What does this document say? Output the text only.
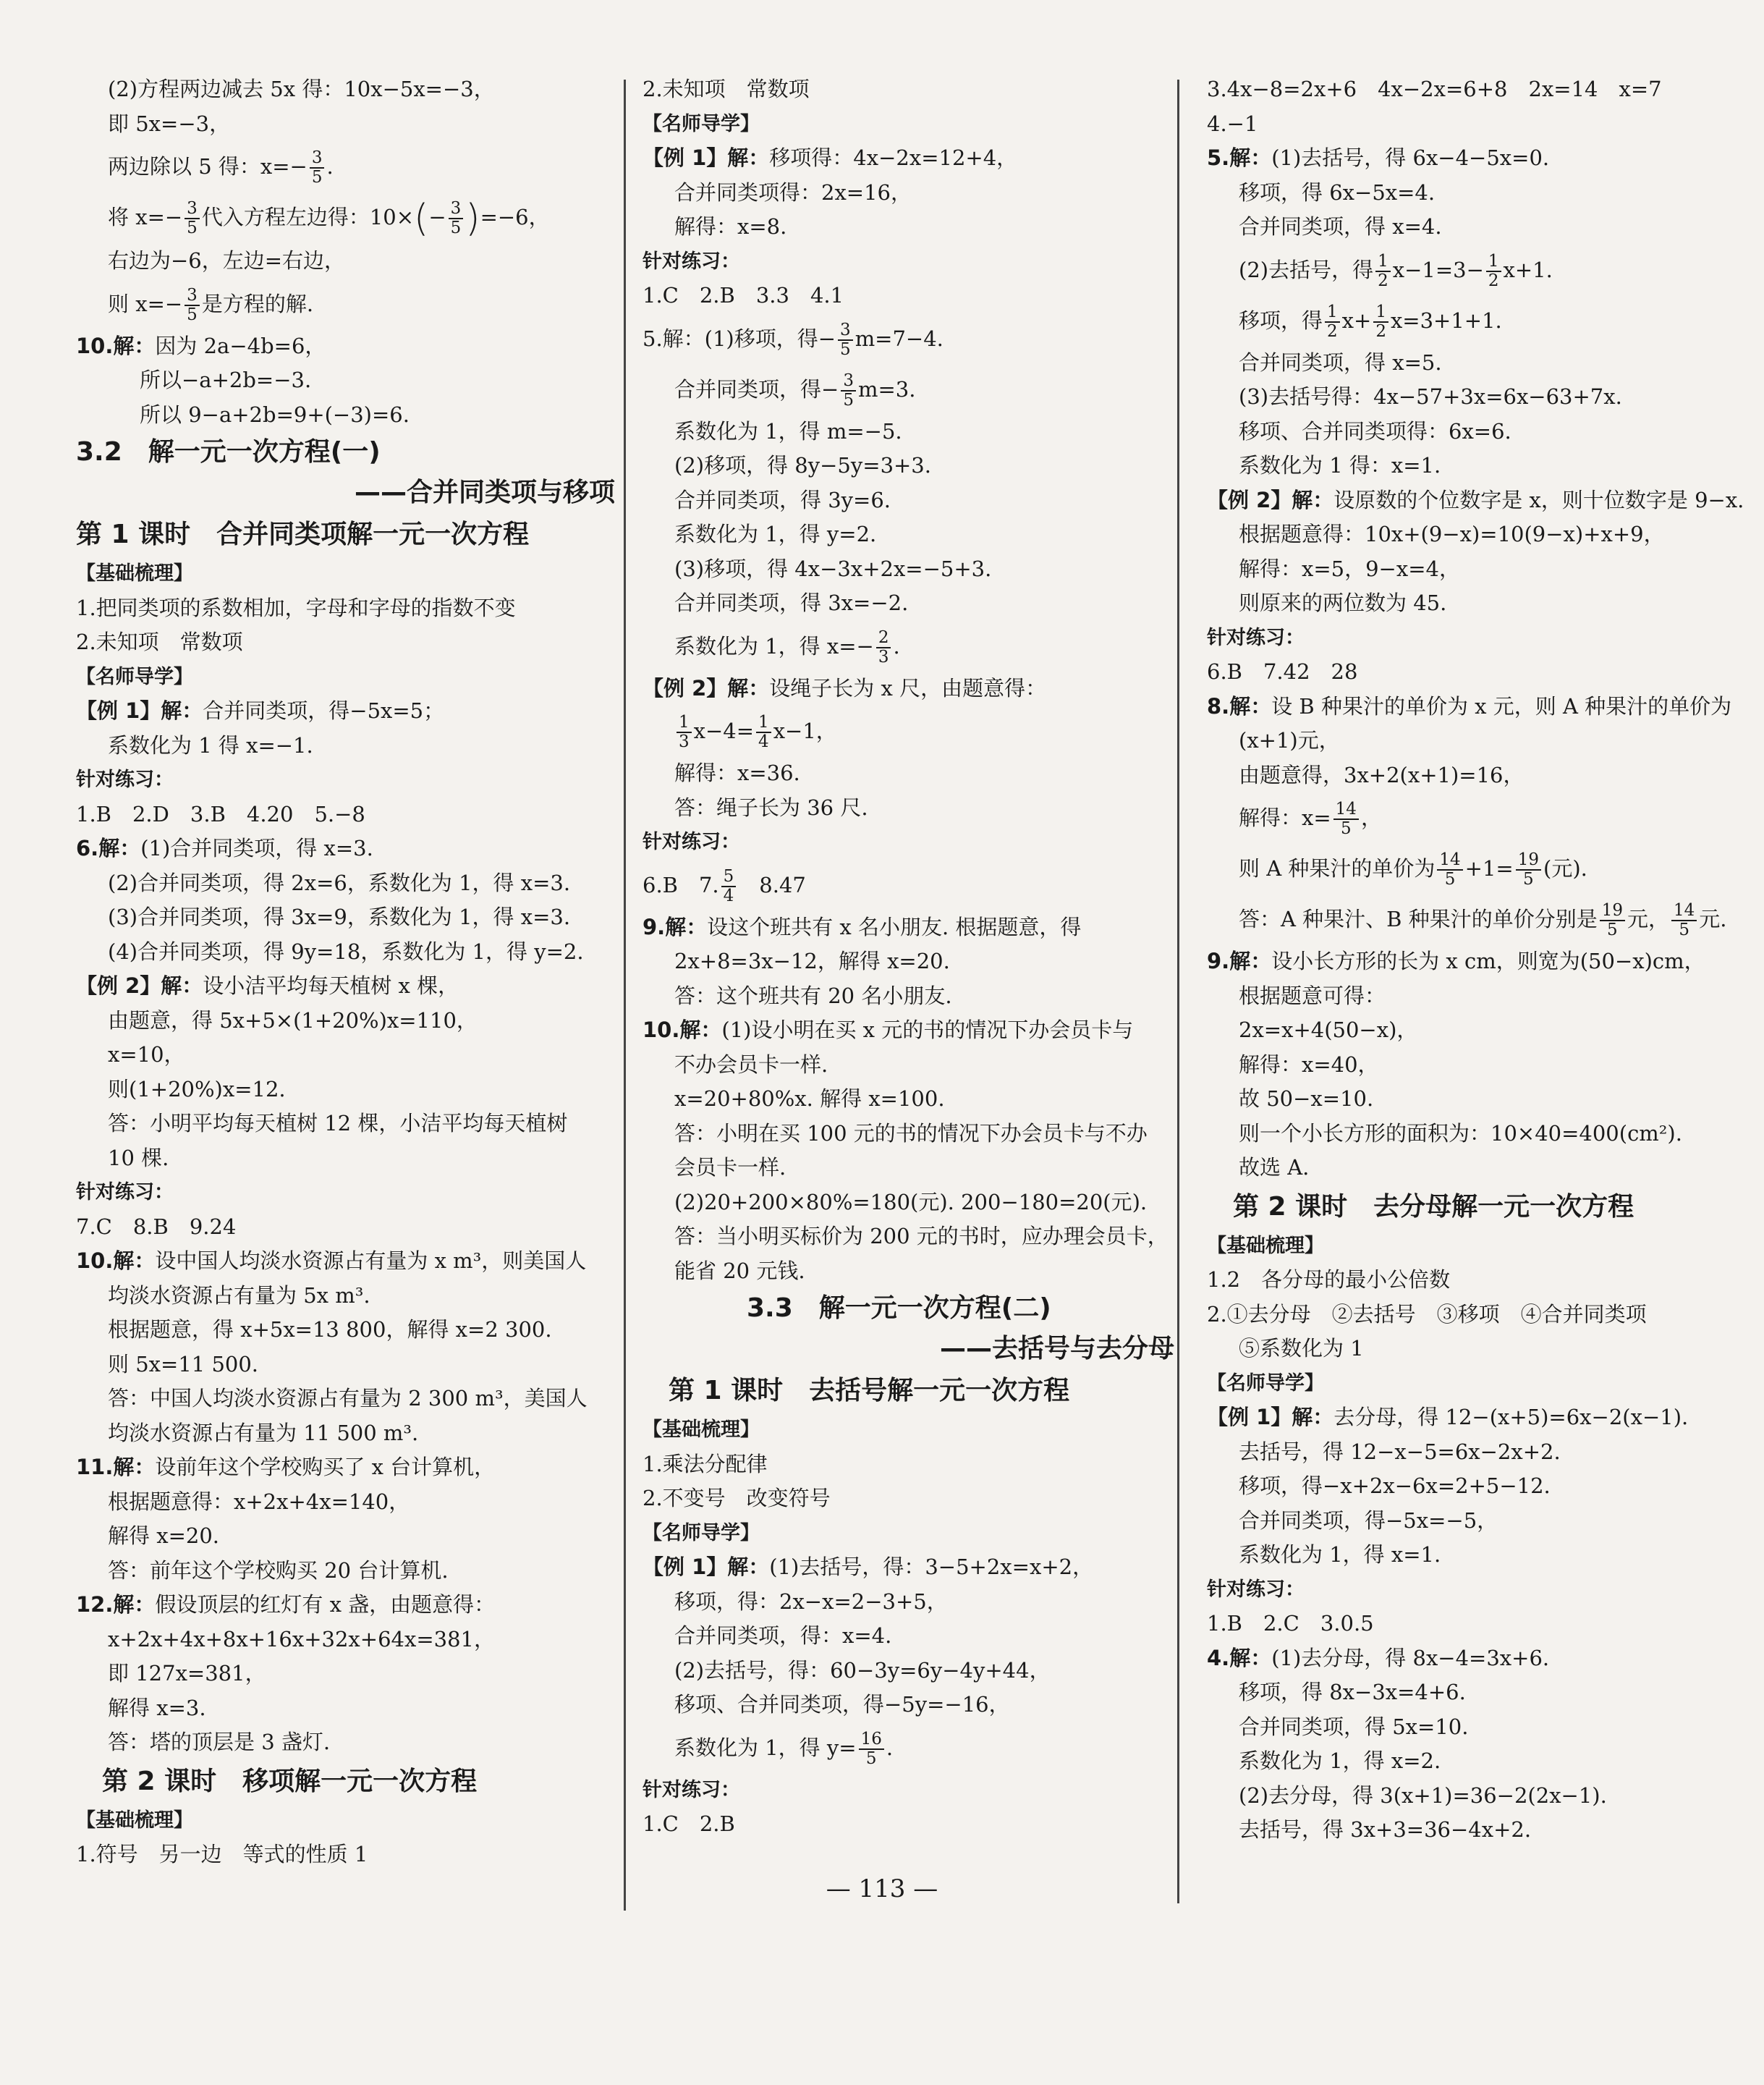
(2)方程两边减去 5x 得：10x−5x=−3，
即 5x=−3，
两边除以 5 得：$x=- \frac{3}{5}$ .
将 $x=- \frac{3}{5}$ 代入方程左边得：$10\times(- \frac{3}{5} )=-6$，
右边为−6，左边=右边，
则 $x=- \frac{3}{5}$ 是方程的解.
10.解：因为 2a−4b=6，
所以−a+2b=−3.
所以 9−a+2b=9+(−3)=6.
3.2　解一元一次方程(一)
——合并同类项与移项
第 1 课时　合并同类项解一元一次方程
【基础梳理】
1.把同类项的系数相加，字母和字母的指数不变
2.未知项　常数项
【名师导学】
【例 1】解：合并同类项，得−5x=5；
系数化为 1 得 x=−1.
针对练习：
1.B　2.D　3.B　4.20　5.−8
6.解：(1)合并同类项，得 x=3.
(2)合并同类项，得 2x=6，系数化为 1，得 x=3.
(3)合并同类项，得 3x=9，系数化为 1，得 x=3.
(4)合并同类项，得 9y=18，系数化为 1，得 y=2.
【例 2】解：设小洁平均每天植树 x 棵，
由题意，得 5x+5×(1+20%)x=110，
x=10，
则(1+20%)x=12.
答：小明平均每天植树 12 棵，小洁平均每天植树
10 棵.
针对练习：
7.C　8.B　9.24
10.解：设中国人均淡水资源占有量为 x m³，则美国人
均淡水资源占有量为 5x m³.
根据题意，得 x+5x=13 800，解得 x=2 300.
则 5x=11 500.
答：中国人均淡水资源占有量为 2 300 m³，美国人
均淡水资源占有量为 11 500 m³.
11.解：设前年这个学校购买了 x 台计算机，
根据题意得：x+2x+4x=140，
解得 x=20.
答：前年这个学校购买 20 台计算机.
12.解：假设顶层的红灯有 x 盏，由题意得：
x+2x+4x+8x+16x+32x+64x=381，
即 127x=381，
解得 x=3.
答：塔的顶层是 3 盏灯.
　第 2 课时　移项解一元一次方程
【基础梳理】
1.符号　另一边　等式的性质 1
2.未知项　常数项
【名师导学】
【例 1】解：移项得：4x−2x=12+4，
合并同类项得：2x=16，
解得：x=8.
针对练习：
1.C　2.B　3.3　4.1
5.解：(1)移项，得− $\frac{3}{5} m=7-4$.
合并同类项，得− $\frac{3}{5} m=3$.
系数化为 1，得 m=−5.
(2)移项，得 8y−5y=3+3.
合并同类项，得 3y=6.
系数化为 1，得 y=2.
(3)移项，得 4x−3x+2x=−5+3.
合并同类项，得 3x=−2.
系数化为 1，得 $x=- \frac{2}{3}$ .
【例 2】解：设绳子长为 x 尺，由题意得：
$\frac{1}{3} x-4= \frac{1}{4} x-1$，
解得：x=36.
答：绳子长为 36 尺.
针对练习：
6.B　7. $\frac{5}{4}$ 　8.47
9.解：设这个班共有 x 名小朋友. 根据题意，得
2x+8=3x−12，解得 x=20.
答：这个班共有 20 名小朋友.
10.解：(1)设小明在买 x 元的书的情况下办会员卡与
不办会员卡一样.
x=20+80%x. 解得 x=100.
答：小明在买 100 元的书的情况下办会员卡与不办
会员卡一样.
(2)20+200×80%=180(元). 200−180=20(元).
答：当小明买标价为 200 元的书时，应办理会员卡，
能省 20 元钱.
　　　　3.3　解一元一次方程(二)
——去括号与去分母
　第 1 课时　去括号解一元一次方程
【基础梳理】
1.乘法分配律
2.不变号　改变符号
【名师导学】
【例 1】解：(1)去括号，得：3−5+2x=x+2，
移项，得：2x−x=2−3+5，
合并同类项，得：x=4.
(2)去括号，得：60−3y=6y−4y+44，
移项、合并同类项，得−5y=−16，
系数化为 1，得 $y= \frac{16}{5}$ .
针对练习：
1.C　2.B
3.4x−8=2x+6　4x−2x=6+8　2x=14　x=7
4.−1
5.解：(1)去括号，得 6x−4−5x=0.
移项，得 6x−5x=4.
合并同类项，得 x=4.
(2)去括号，得 $\frac{1}{2} x-1=3- \frac{1}{2} x+1$.
移项，得 $\frac{1}{2} x+ \frac{1}{2} x=3+1+1$.
合并同类项，得 x=5.
(3)去括号得：4x−57+3x=6x−63+7x.
移项、合并同类项得：6x=6.
系数化为 1 得：x=1.
【例 2】解：设原数的个位数字是 x，则十位数字是 9−x.
根据题意得：10x+(9−x)=10(9−x)+x+9，
解得：x=5，9−x=4，
则原来的两位数为 45.
针对练习：
6.B　7.42　28
8.解：设 B 种果汁的单价为 x 元，则 A 种果汁的单价为
(x+1)元，
由题意得，3x+2(x+1)=16，
解得：$x= \frac{14}{5}$ ，
则 A 种果汁的单价为 $\frac{14}{5} +1= \frac{19}{5}$ (元).
答：A 种果汁、B 种果汁的单价分别是 $\frac{19}{5}$ 元， $\frac{14}{5}$ 元.
9.解：设小长方形的长为 x cm，则宽为(50−x)cm，
根据题意可得：
2x=x+4(50−x)，
解得：x=40，
故 50−x=10.
则一个小长方形的面积为：10×40=400(cm²).
故选 A.
　第 2 课时　去分母解一元一次方程
【基础梳理】
1.2　各分母的最小公倍数
2.①去分母　②去括号　③移项　④合并同类项
⑤系数化为 1
【名师导学】
【例 1】解：去分母，得 12−(x+5)=6x−2(x−1).
去括号，得 12−x−5=6x−2x+2.
移项，得−x+2x−6x=2+5−12.
合并同类项，得−5x=−5，
系数化为 1，得 x=1.
针对练习：
1.B　2.C　3.0.5
4.解：(1)去分母，得 8x−4=3x+6.
移项，得 8x−3x=4+6.
合并同类项，得 5x=10.
系数化为 1，得 x=2.
(2)去分母，得 3(x+1)=36−2(2x−1).
去括号，得 3x+3=36−4x+2.
— 113 —
